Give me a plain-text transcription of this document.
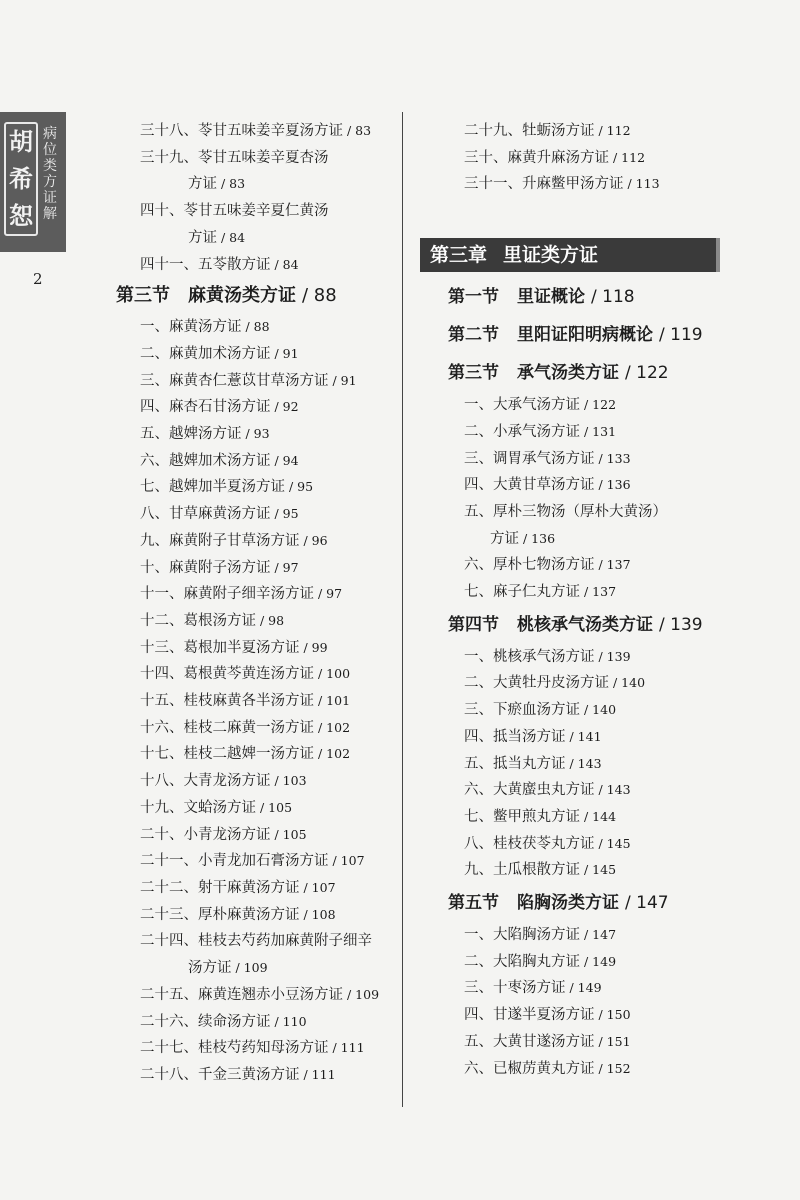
胡
希
恕
病位类方证解
2
三十八、苓甘五味姜辛夏汤方证 / 83
三十九、苓甘五味姜辛夏杏汤
方证 / 83
四十、苓甘五味姜辛夏仁黄汤
方证 / 84
四十一、五苓散方证 / 84
第三节 麻黄汤类方证 / 88
一、麻黄汤方证 / 88
二、麻黄加术汤方证 / 91
三、麻黄杏仁薏苡甘草汤方证 / 91
四、麻杏石甘汤方证 / 92
五、越婢汤方证 / 93
六、越婢加术汤方证 / 94
七、越婢加半夏汤方证 / 95
八、甘草麻黄汤方证 / 95
九、麻黄附子甘草汤方证 / 96
十、麻黄附子汤方证 / 97
十一、麻黄附子细辛汤方证 / 97
十二、葛根汤方证 / 98
十三、葛根加半夏汤方证 / 99
十四、葛根黄芩黄连汤方证 / 100
十五、桂枝麻黄各半汤方证 / 101
十六、桂枝二麻黄一汤方证 / 102
十七、桂枝二越婢一汤方证 / 102
十八、大青龙汤方证 / 103
十九、文蛤汤方证 / 105
二十、小青龙汤方证 / 105
二十一、小青龙加石膏汤方证 / 107
二十二、射干麻黄汤方证 / 107
二十三、厚朴麻黄汤方证 / 108
二十四、桂枝去芍药加麻黄附子细辛
汤方证 / 109
二十五、麻黄连翘赤小豆汤方证 / 109
二十六、续命汤方证 / 110
二十七、桂枝芍药知母汤方证 / 111
二十八、千金三黄汤方证 / 111
二十九、牡蛎汤方证 / 112
三十、麻黄升麻汤方证 / 112
三十一、升麻鳖甲汤方证 / 113
第三章 里证类方证
第一节 里证概论 / 118
第二节 里阳证阳明病概论 / 119
第三节 承气汤类方证 / 122
一、大承气汤方证 / 122
二、小承气汤方证 / 131
三、调胃承气汤方证 / 133
四、大黄甘草汤方证 / 136
五、厚朴三物汤（厚朴大黄汤）
方证 / 136
六、厚朴七物汤方证 / 137
七、麻子仁丸方证 / 137
第四节 桃核承气汤类方证 / 139
一、桃核承气汤方证 / 139
二、大黄牡丹皮汤方证 / 140
三、下瘀血汤方证 / 140
四、抵当汤方证 / 141
五、抵当丸方证 / 143
六、大黄䗪虫丸方证 / 143
七、鳖甲煎丸方证 / 144
八、桂枝茯苓丸方证 / 145
九、土瓜根散方证 / 145
第五节 陷胸汤类方证 / 147
一、大陷胸汤方证 / 147
二、大陷胸丸方证 / 149
三、十枣汤方证 / 149
四、甘遂半夏汤方证 / 150
五、大黄甘遂汤方证 / 151
六、已椒苈黄丸方证 / 152
